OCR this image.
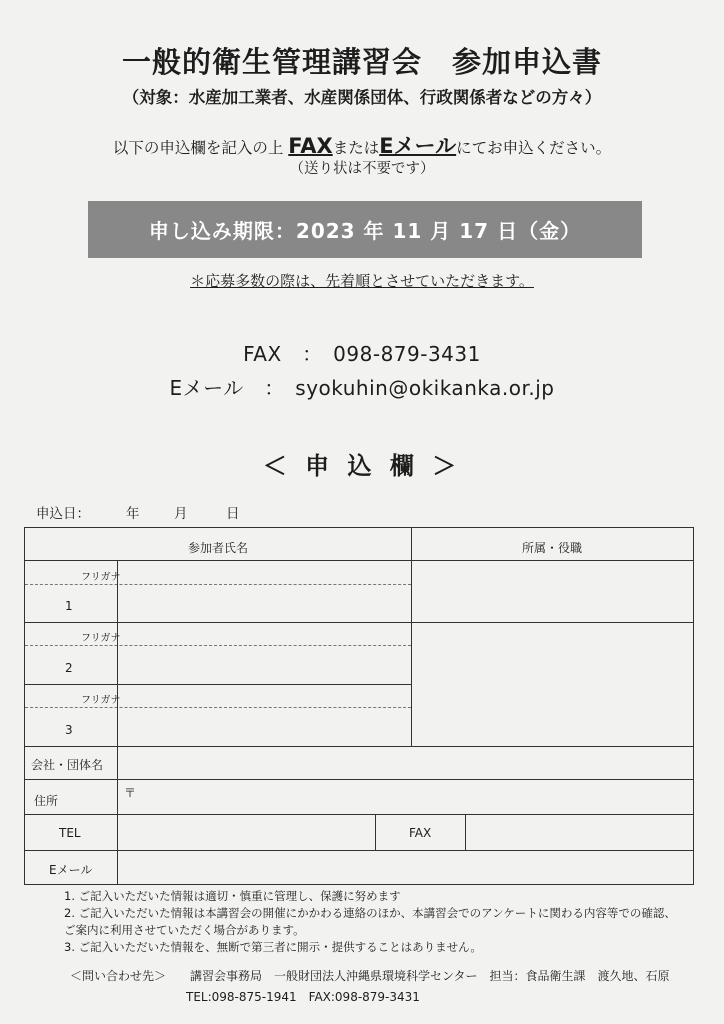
一般的衛生管理講習会　参加申込書
（対象：水産加工業者、水産関係団体、行政関係者などの方々）
以下の申込欄を記入の上 FAXまたはEメールにてお申込ください。
（送り状は不要です）
申し込み期限：2023 年 11 月 17 日（金）
＊応募多数の際は、先着順とさせていただきます。
FAX　：　098-879-3431
Eメール　：　syokuhin@okikanka.or.jp
＜ 申 込 欄 ＞
申込日：	年	月	日
参加者氏名	所属・役職
フリガナ
1
フリガナ
2
フリガナ
3
会社・団体名
住所
〒
TEL	FAX
Eメール
1. ご記入いただいた情報は適切・慎重に管理し、保護に努めます
2. ご記入いただいた情報は本講習会の開催にかかわる連絡のほか、本講習会でのアンケートに関わる内容等での確認、
ご案内に利用させていただく場合があります。
3. ご記入いただいた情報を、無断で第三者に開示・提供することはありません。
＜問い合わせ先＞　　講習会事務局　一般財団法人沖縄県環境科学センター　担当：食品衛生課　渡久地、石原
TEL:098-875-1941　FAX:098-879-3431
